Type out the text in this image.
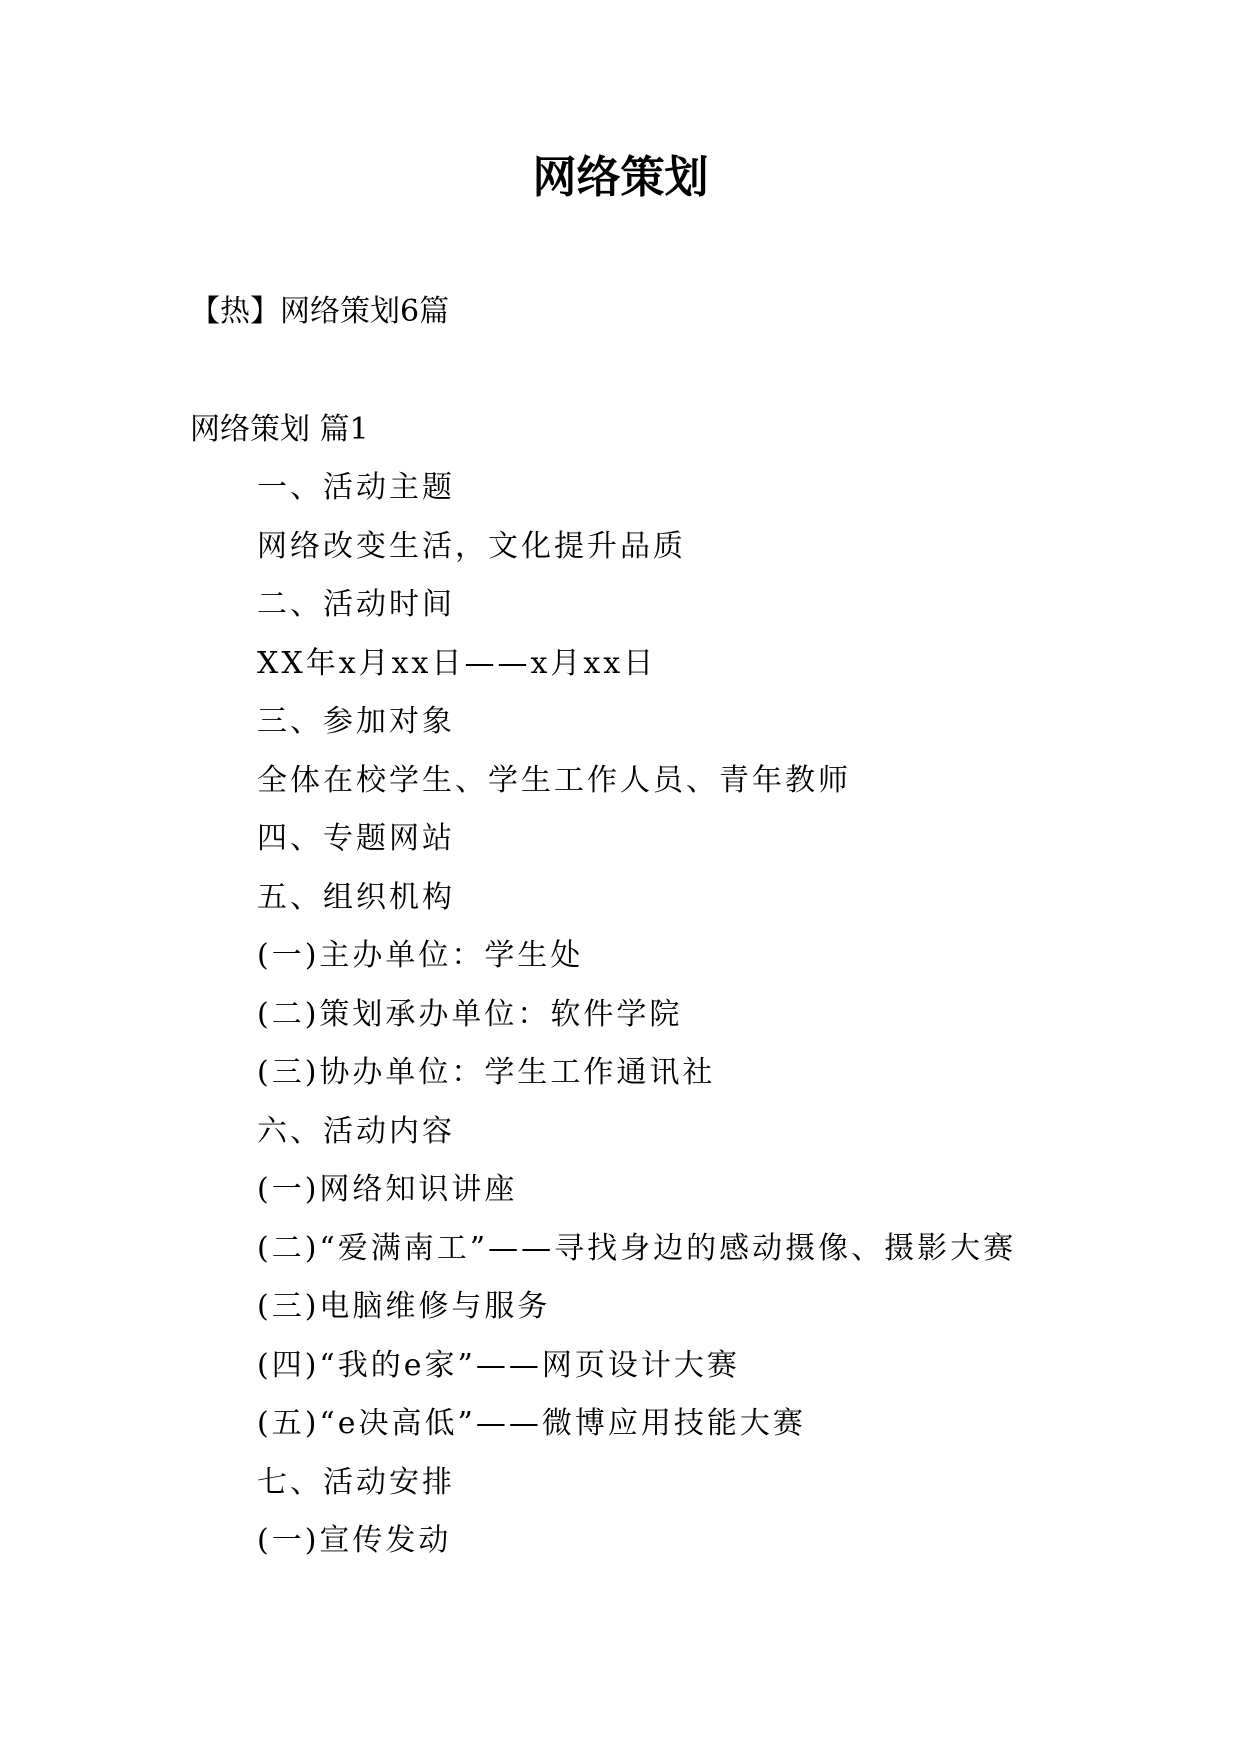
网络策划
【热】网络策划6篇
网络策划 篇1
一、活动主题
网络改变生活，文化提升品质
二、活动时间
XX年x月xx日——x月xx日
三、参加对象
全体在校学生、学生工作人员、青年教师
四、专题网站
五、组织机构
(一)主办单位：学生处
(二)策划承办单位：软件学院
(三)协办单位：学生工作通讯社
六、活动内容
(一)网络知识讲座
(二)“爱满南工”——寻找身边的感动摄像、摄影大赛
(三)电脑维修与服务
(四)“我的e家”——网页设计大赛
(五)“e决高低”——微博应用技能大赛
七、活动安排
(一)宣传发动
